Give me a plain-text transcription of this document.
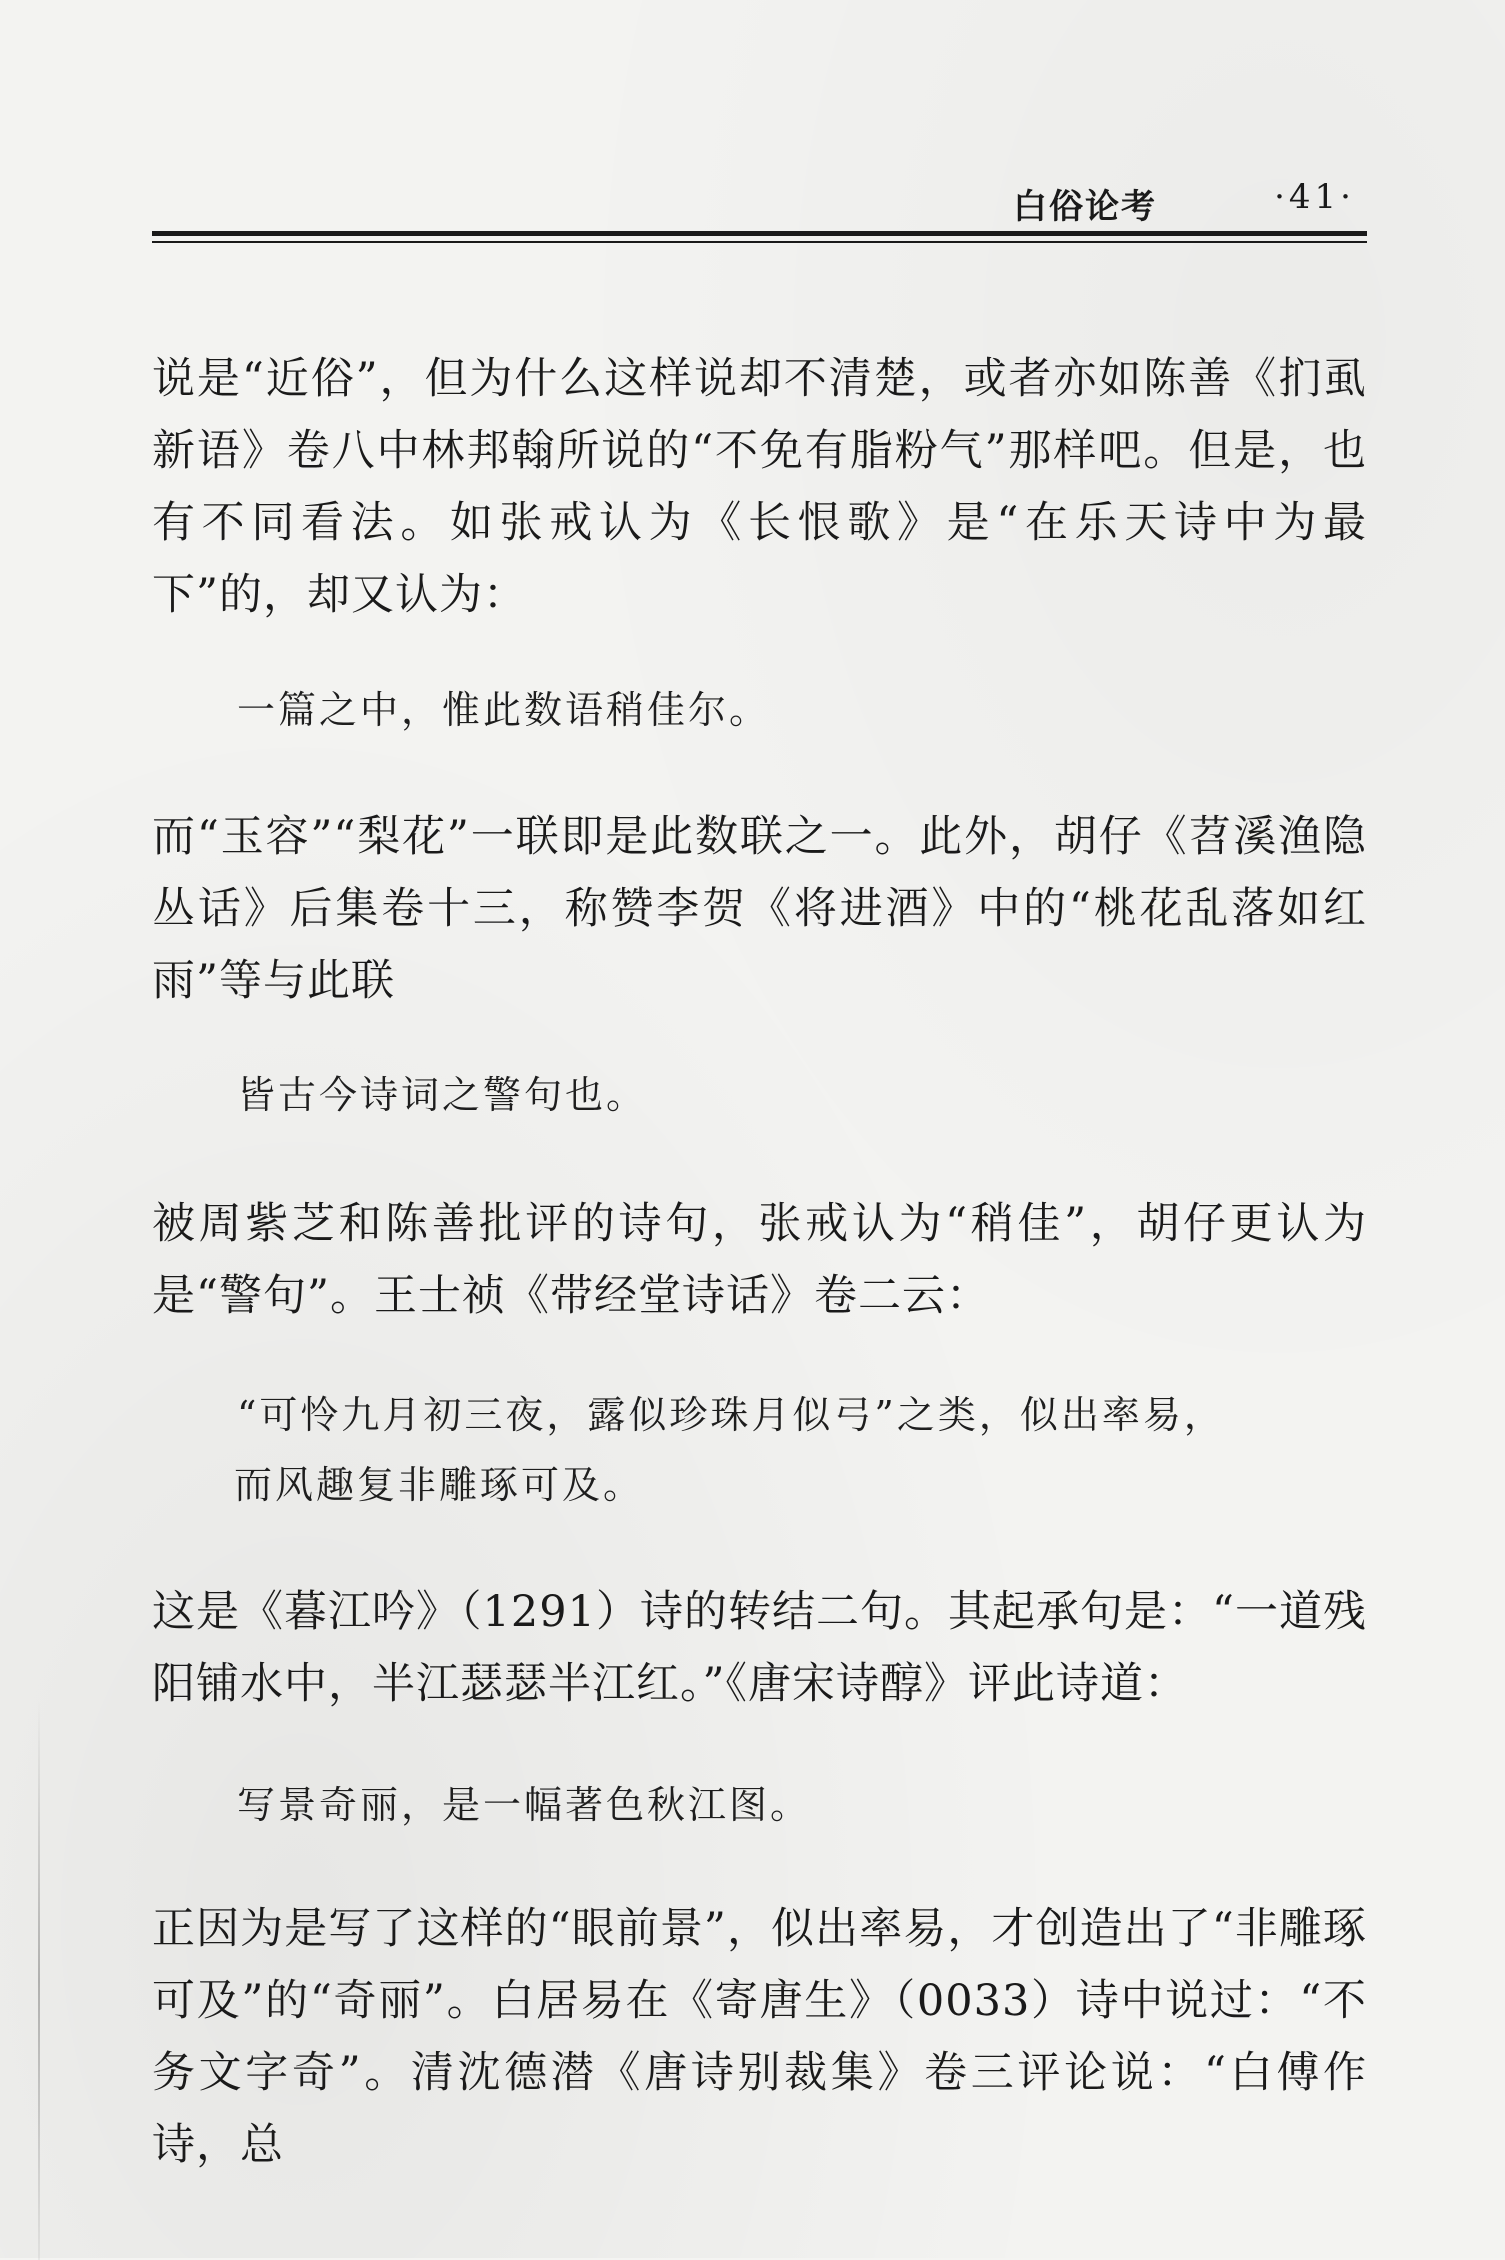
白俗论考	·41·
说是“近俗”，但为什么这样说却不清楚，或者亦如陈善《扪虱新语》卷八中林邦翰所说的“不免有脂粉气”那样吧。但是，也有不同看法。如张戒认为《长恨歌》是“在乐天诗中为最下”的，却又认为：
一篇之中，惟此数语稍佳尔。
而“玉容”“梨花”一联即是此数联之一。此外，胡仔《苕溪渔隐丛话》后集卷十三，称赞李贺《将进酒》中的“桃花乱落如红雨”等与此联
皆古今诗词之警句也。
被周紫芝和陈善批评的诗句，张戒认为“稍佳”，胡仔更认为是“警句”。王士祯《带经堂诗话》卷二云：
“可怜九月初三夜，露似珍珠月似弓”之类，似出率易，
而风趣复非雕琢可及。
这是《暮江吟》（1291）诗的转结二句。其起承句是：“一道残阳铺水中，半江瑟瑟半江红。”《唐宋诗醇》评此诗道：
写景奇丽，是一幅著色秋江图。
正因为是写了这样的“眼前景”，似出率易，才创造出了“非雕琢可及”的“奇丽”。白居易在《寄唐生》（0033）诗中说过：“不务文字奇”。清沈德潜《唐诗别裁集》卷三评论说：“白傅作诗，总
